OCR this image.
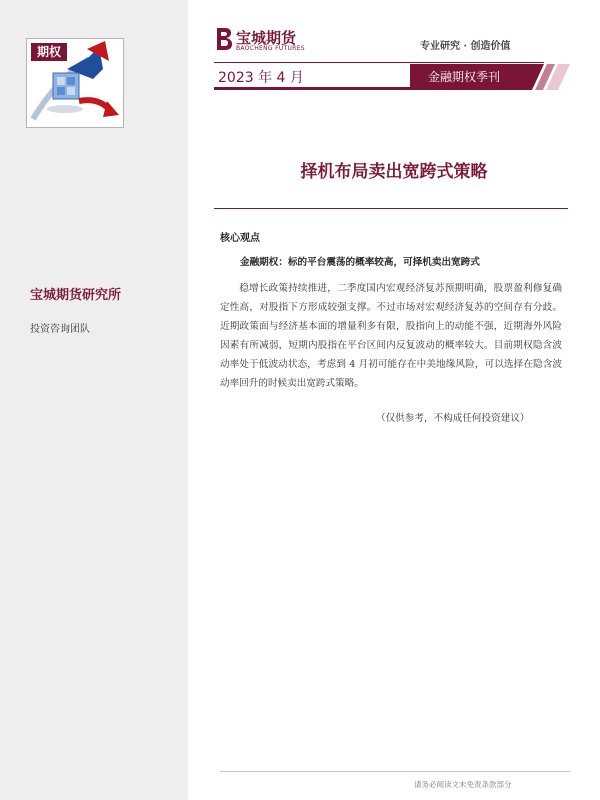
期权
宝城期货研究所
投资咨询团队
宝城期货
BAOCHENG FUTURES	专业研究 · 创造价值
2023 年 4 月	金融期权季刊
择机布局卖出宽跨式策略
核心观点
金融期权：标的平台震荡的概率较高，可择机卖出宽跨式
稳增长政策持续推进，二季度国内宏观经济复苏预期明确，股票盈利修复确定性高，对股指下方形成较强支撑。不过市场对宏观经济复苏的空间存有分歧。近期政策面与经济基本面的增量利多有限，股指向上的动能不强，近期海外风险因素有所减弱，短期内股指在平台区间内反复波动的概率较大。目前期权隐含波动率处于低波动状态，考虑到 4 月初可能存在中美地缘风险，可以选择在隐含波动率回升的时候卖出宽跨式策略。
（仅供参考，不构成任何投资建议）
请务必阅读文末免责条款部分
